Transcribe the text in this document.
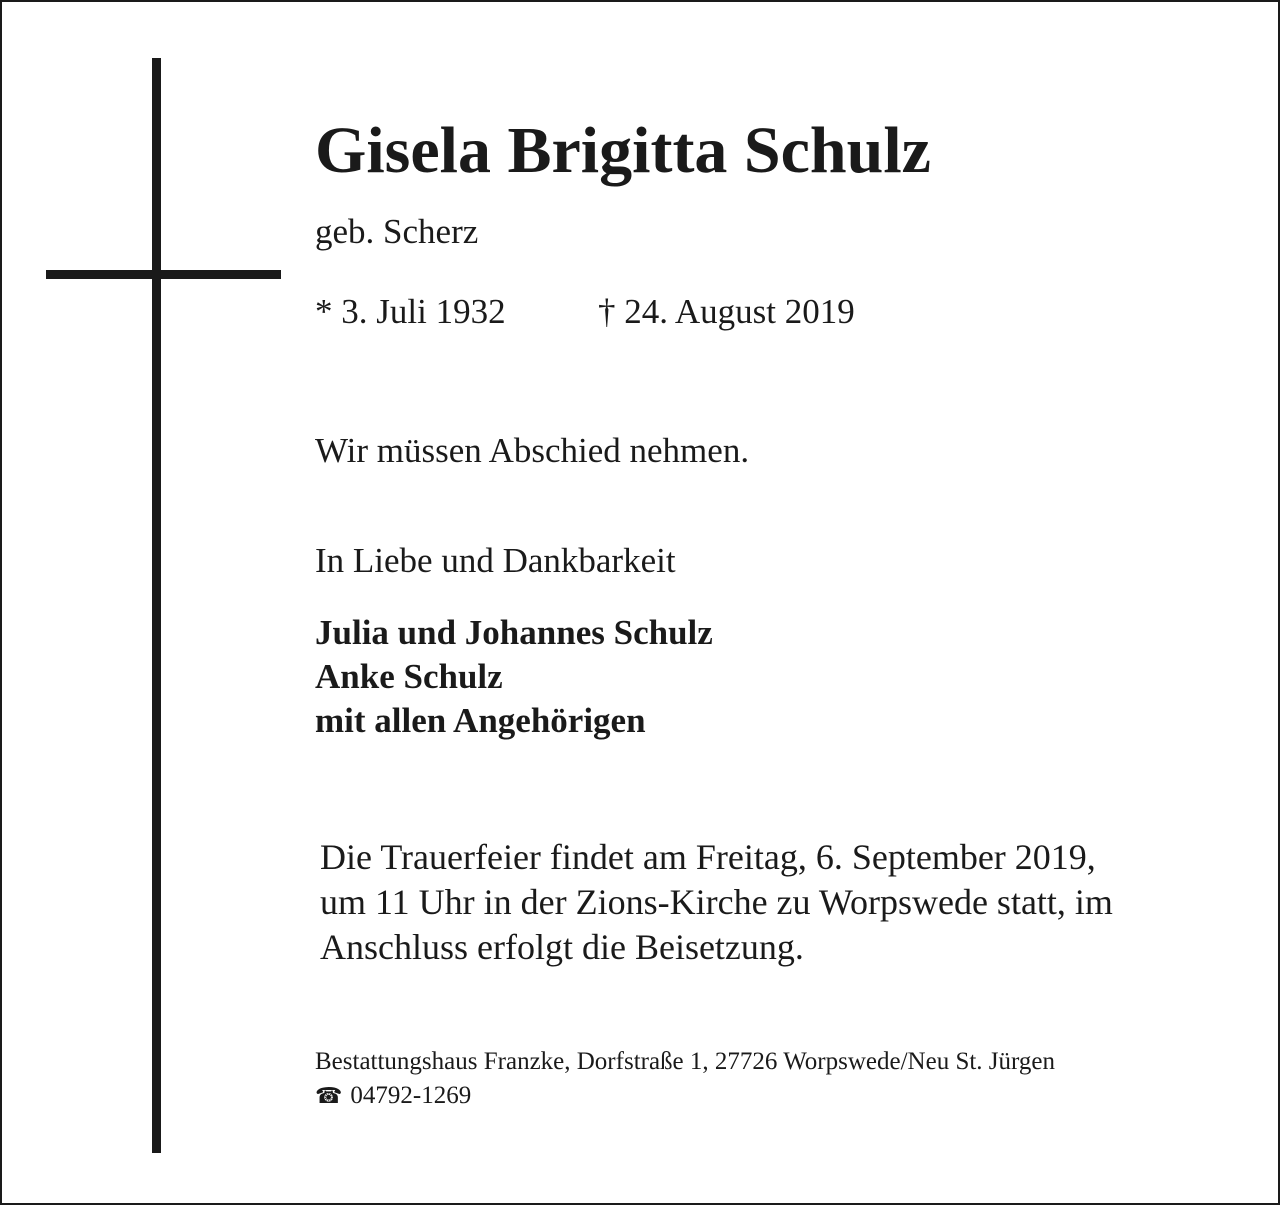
Gisela Brigitta Schulz
geb. Scherz
* 3. Juli 1932	† 24. August 2019
Wir müssen Abschied nehmen.
In Liebe und Dankbarkeit
Julia und Johannes Schulz
Anke Schulz
mit allen Angehörigen
Die Trauerfeier findet am Freitag, 6. September 2019,
um 11 Uhr in der Zions-Kirche zu Worpswede statt, im
Anschluss erfolgt die Beisetzung.
Bestattungshaus Franzke, Dorfstraße 1, 27726 Worpswede/Neu St. Jürgen
☎ 04792-1269
